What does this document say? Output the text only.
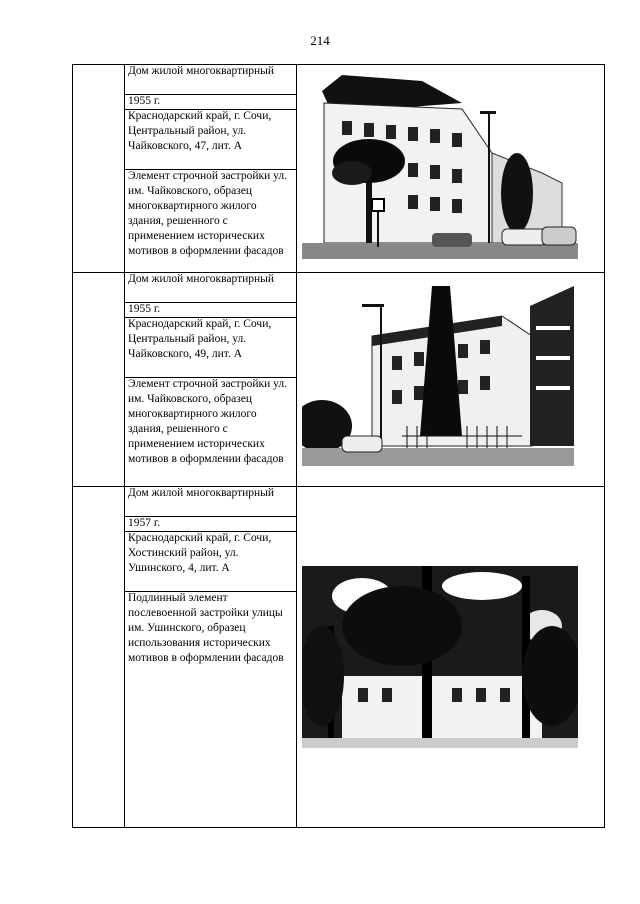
214
Дом жилой многоквартирный
1955 г.
Краснодарский край, г. Сочи, Центральный район, ул. Чайковского, 47, лит. А
Элемент строчной застройки ул. им. Чайковского, образец многоквартирного жилого здания, решенного с применением исторических мотивов в оформлении фасадов
Дом жилой многоквартирный
1955 г.
Краснодарский край, г. Сочи, Центральный район, ул. Чайковского, 49, лит. А
Элемент строчной застройки ул. им. Чайковского, образец многоквартирного жилого здания, решенного с применением исторических мотивов в оформлении фасадов
Дом жилой многоквартирный
1957 г.
Краснодарский край, г. Сочи, Хостинский район, ул. Ушинского, 4, лит. А
Подлинный элемент послевоенной застройки улицы им. Ушинского, образец использования исторических мотивов в оформлении фасадов
